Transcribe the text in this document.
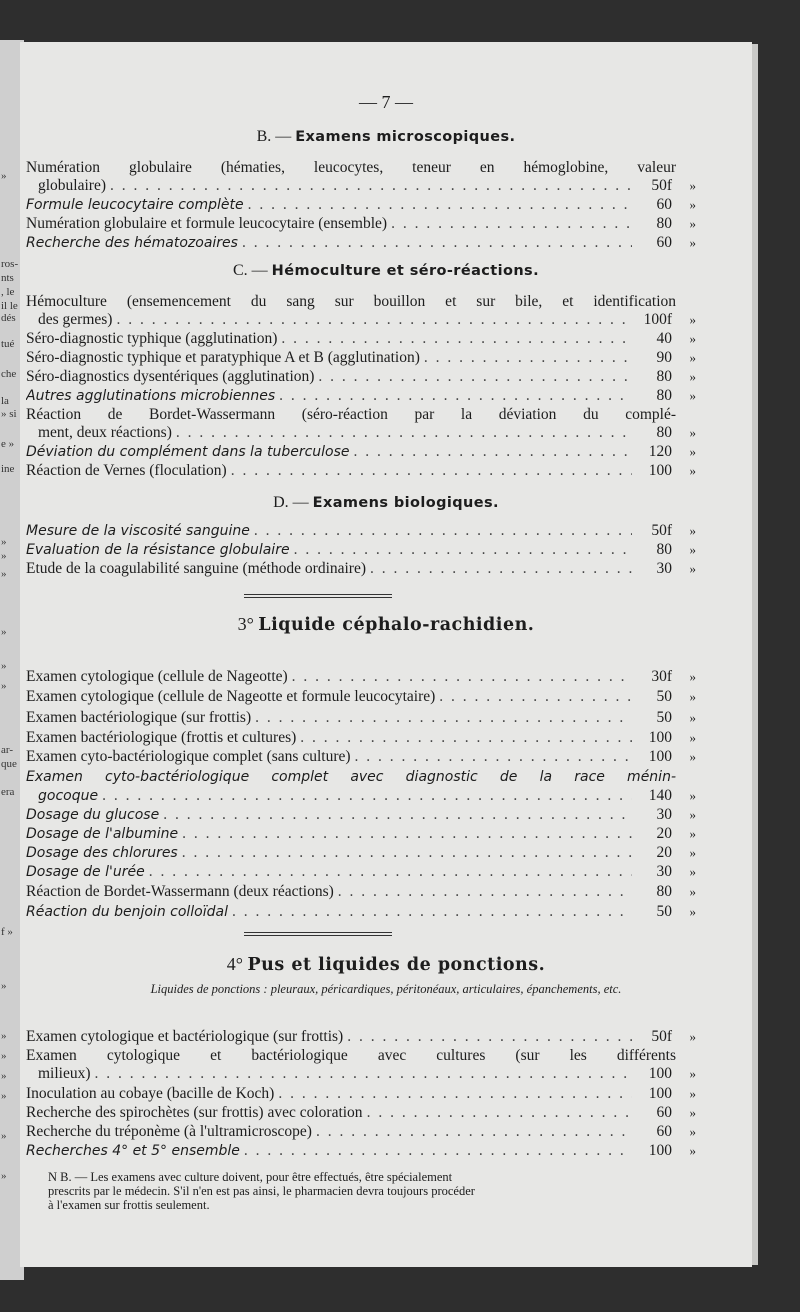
»
ros-
nts
, le
il le
dés
tué
che
la
» si
e »
ine
»
»
»
»
»
»
ar-
que
era
f »
»
»
»
»
»
»
»
— 7 —
B. — Examens microscopiques.
Numération globulaire (hématies, leucocytes, teneur en hémoglobine, valeur
globulaire) . . .	50f	»
Formule leucocytaire complète . . .	60	»
Numération globulaire et formule leucocytaire (ensemble) . . .	80	»
Recherche des hématozoaires . . .	60	»
C. — Hémoculture et séro-réactions.
Hémoculture (ensemencement du sang sur bouillon et sur bile, et identification
des germes) . . .	100f	»
Séro-diagnostic typhique (agglutination) . . .	40	»
Séro-diagnostic typhique et paratyphique A et B (agglutination) . . .	90	»
Séro-diagnostics dysentériques (agglutination) . . .	80	»
Autres agglutinations microbiennes . . .	80	»
Réaction de Bordet-Wassermann (séro-réaction par la déviation du complé-
ment, deux réactions) . . .	80	»
Déviation du complément dans la tuberculose . . .	120	»
Réaction de Vernes (floculation) . . .	100	»
D. — Examens biologiques.
Mesure de la viscosité sanguine . . .	50f	»
Evaluation de la résistance globulaire . . .	80	»
Etude de la coagulabilité sanguine (méthode ordinaire) . . .	30	»
3° Liquide céphalo-rachidien.
Examen cytologique (cellule de Nageotte) . . .	30f	»
Examen cytologique (cellule de Nageotte et formule leucocytaire) . . .	50	»
Examen bactériologique (sur frottis) . . .	50	»
Examen bactériologique (frottis et cultures) . . .	100	»
Examen cyto-bactériologique complet (sans culture) . . .	100	»
Examen cyto-bactériologique complet avec diagnostic de la race ménin-
gocoque . . .	140	»
Dosage du glucose . . .	30	»
Dosage de l'albumine . . .	20	»
Dosage des chlorures . . .	20	»
Dosage de l'urée . . .	30	»
Réaction de Bordet-Wassermann (deux réactions) . . .	80	»
Réaction du benjoin colloïdal . . .	50	»
4° Pus et liquides de ponctions.
Liquides de ponctions : pleuraux, péricardiques, péritonéaux, articulaires, épanchements, etc.
Examen cytologique et bactériologique (sur frottis) . . .	50f	»
Examen cytologique et bactériologique avec cultures (sur les différents
milieux) . . .	100	»
Inoculation au cobaye (bacille de Koch) . . .	100	»
Recherche des spirochètes (sur frottis) avec coloration . . .	60	»
Recherche du tréponème (à l'ultramicroscope) . . .	60	»
Recherches 4° et 5° ensemble . . .	100	»

N B. — Les examens avec culture doivent, pour être effectués, être spécialement

prescrits par le médecin. S'il n'en est pas ainsi, le pharmacien devra toujours procéder

à l'examen sur frottis seulement.
